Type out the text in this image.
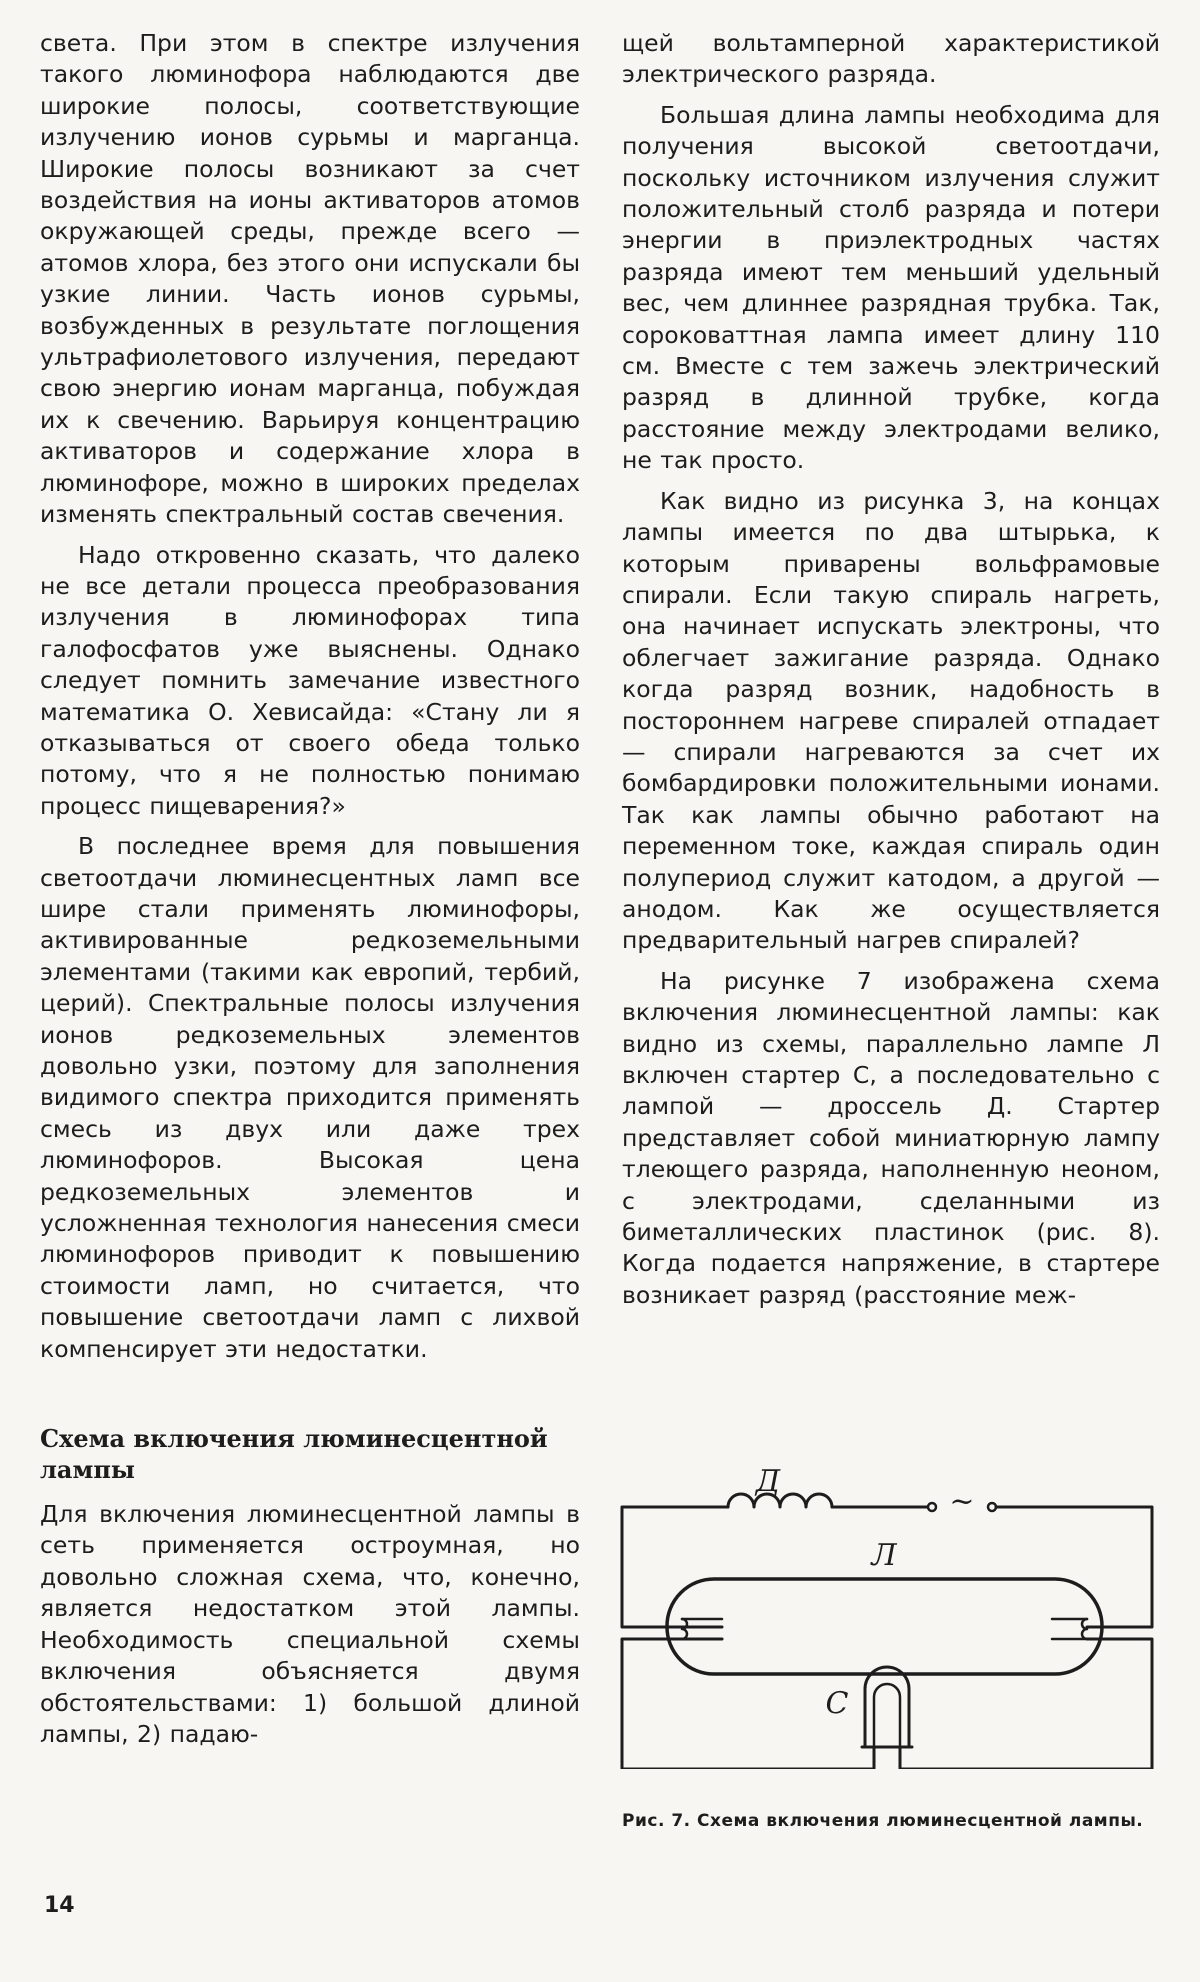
света. При этом в спектре излучения такого люминофора наблюдаются две широкие полосы, соответствующие излучению ионов сурьмы и марганца. Широкие полосы возникают за счет воздействия на ионы активаторов атомов окружающей среды, прежде всего — атомов хлора, без этого они испускали бы узкие линии. Часть ионов сурьмы, возбужденных в результате поглощения ультрафиолетового излучения, передают свою энергию ионам марганца, побуждая их к свечению. Варьируя концентрацию активаторов и содержание хлора в люминофоре, можно в широких пределах изменять спектральный состав свечения.

Надо откровенно сказать, что далеко не все детали процесса преобразования излучения в люминофорах типа галофосфатов уже выяснены. Однако следует помнить замечание известного математика О. Хевисайда: «Стану ли я отказываться от своего обеда только потому, что я не полностью понимаю процесс пищеварения?»

В последнее время для повышения светоотдачи люминесцентных ламп все шире стали применять люминофоры, активированные редкоземельными элементами (такими как европий, тербий, церий). Спектральные полосы излучения ионов редкоземельных элементов довольно узки, поэтому для заполнения видимого спектра приходится применять смесь из двух или даже трех люминофоров. Высокая цена редкоземельных элементов и усложненная технология нанесения смеси люминофоров приводит к повышению стоимости ламп, но считается, что повышение светоотдачи ламп с лихвой компенсирует эти недостатки.

Схема включения люминесцентной лампы

Для включения люминесцентной лампы в сеть применяется остроумная, но довольно сложная схема, что, конечно, является недостатком этой лампы. Необходимость специальной схемы включения объясняется двумя обстоятельствами: 1) большой длиной лампы, 2) падаю-

щей вольтамперной характеристикой электрического разряда.

Большая длина лампы необходима для получения высокой светоотдачи, поскольку источником излучения служит положительный столб разряда и потери энергии в приэлектродных частях разряда имеют тем меньший удельный вес, чем длиннее разрядная трубка. Так, сороковаттная лампа имеет длину 110 см. Вместе с тем зажечь электрический разряд в длинной трубке, когда расстояние между электродами велико, не так просто.

Как видно из рисунка 3, на концах лампы имеется по два штырька, к которым приварены вольфрамовые спирали. Если такую спираль нагреть, она начинает испускать электроны, что облегчает зажигание разряда. Однако когда разряд возник, надобность в постороннем нагреве спиралей отпадает — спирали нагреваются за счет их бомбардировки положительными ионами. Так как лампы обычно работают на переменном токе, каждая спираль один полупериод служит катодом, а другой — анодом. Как же осуществляется предварительный нагрев спиралей?

На рисунке 7 изображена схема включения люминесцентной лампы: как видно из схемы, параллельно лампе Л включен стартер С, а последовательно с лампой — дроссель Д. Стартер представляет собой миниатюрную лампу тлеющего разряда, наполненную неоном, с электродами, сделанными из биметаллических пластинок (рис. 8). Когда подается напряжение, в стартере возникает разряд (расстояние меж-

Д
~
Л
С
Рис. 7. Схема включения люминесцентной лампы.
14
